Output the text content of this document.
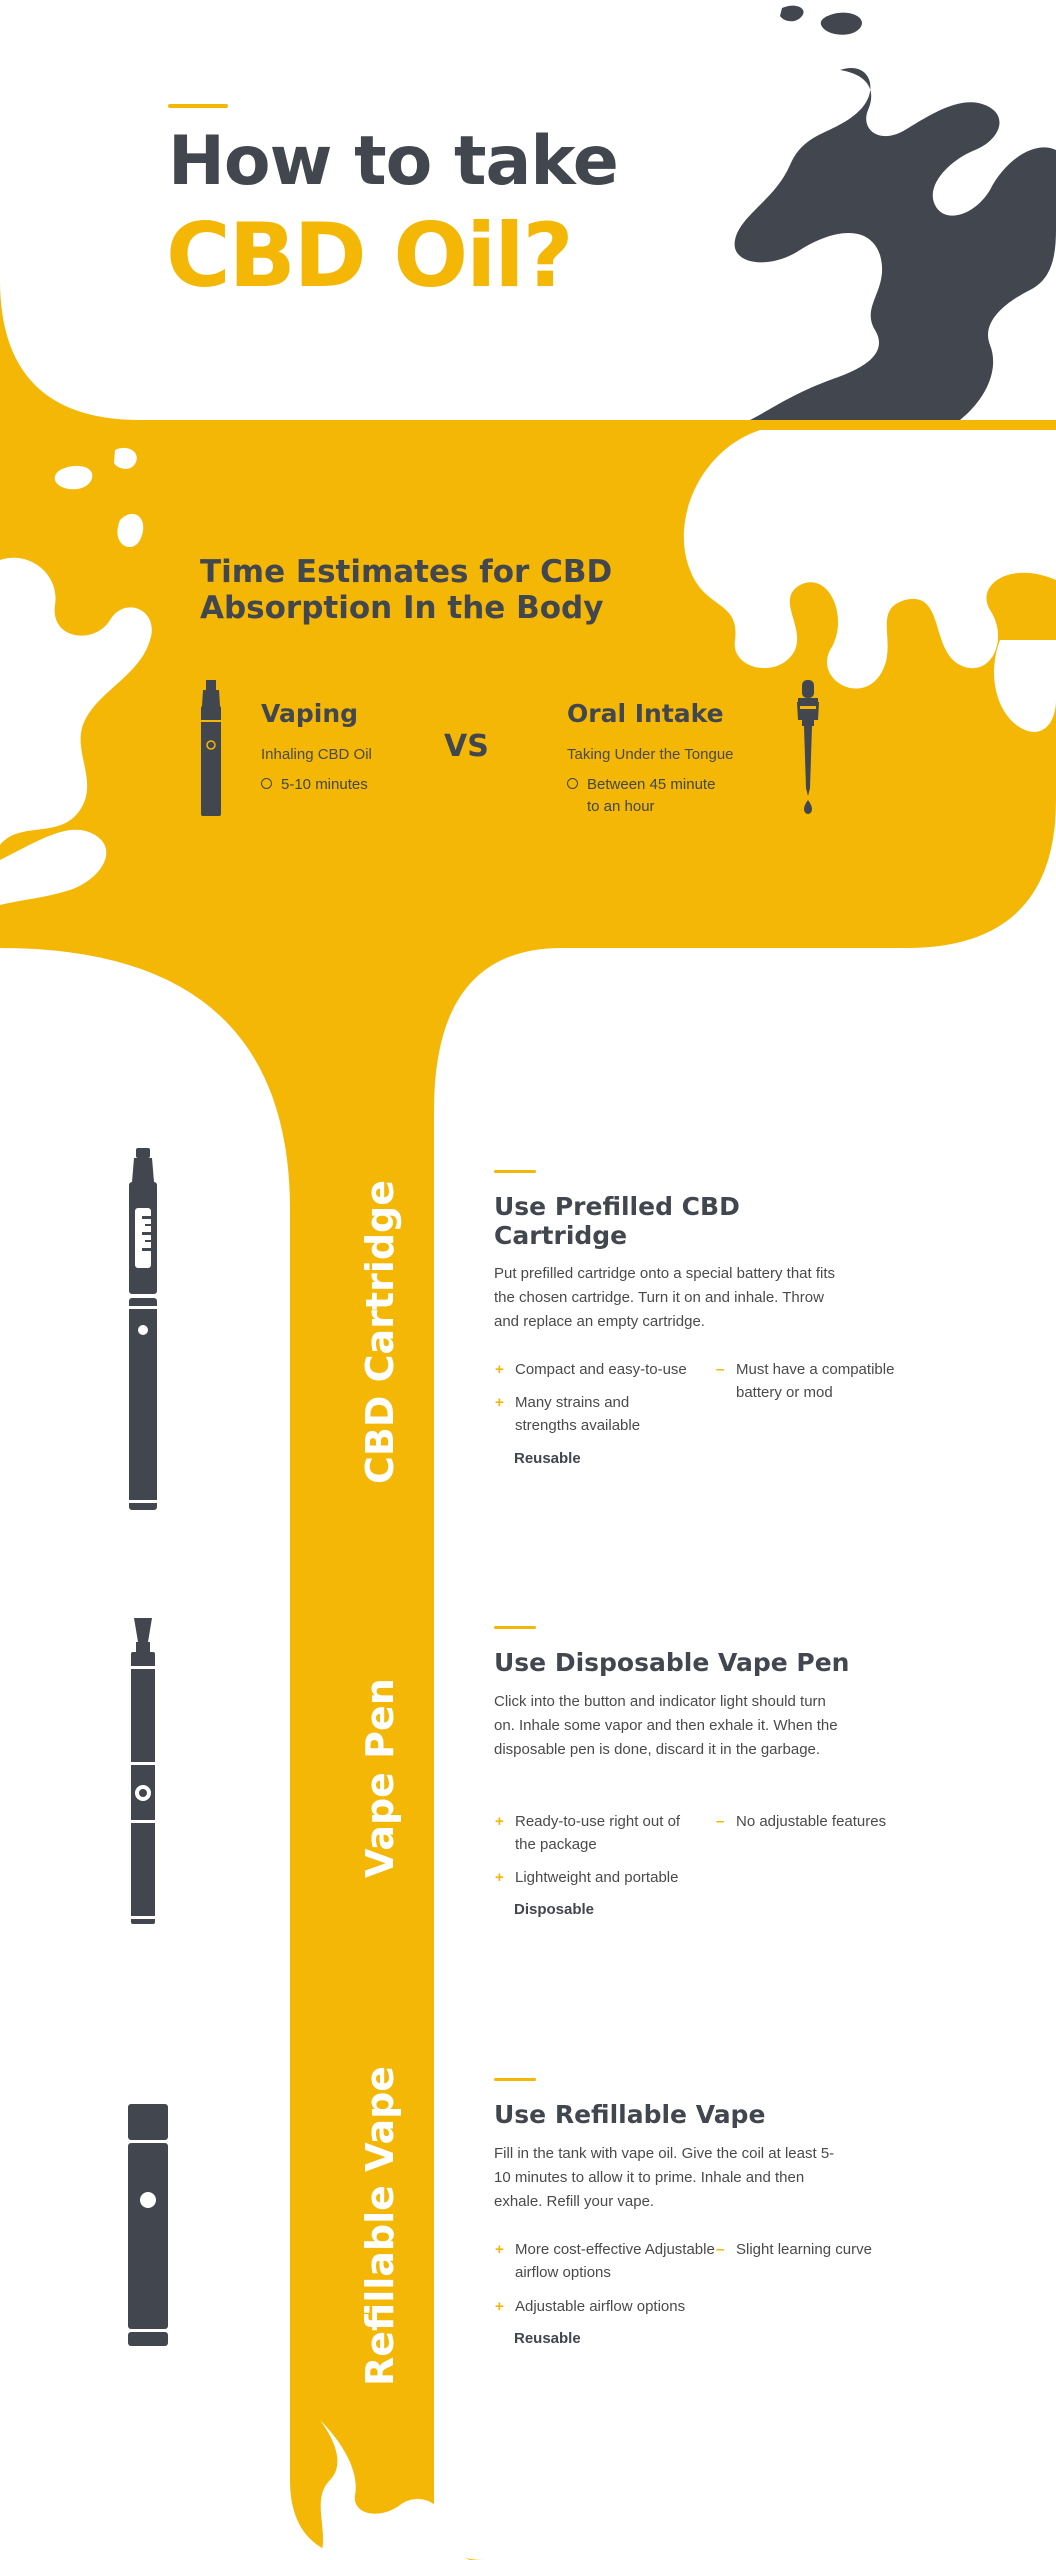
How to take
CBD Oil?
Time Estimates for CBD Absorption In the Body
Vaping
Inhaling CBD Oil
5-10 minutes
VS
Oral Intake
Taking Under the Tongue
Between 45 minute
to an hour
CBD Cartridge	Use Prefilled CBD Cartridge
Put prefilled cartridge onto a special battery that fits the chosen cartridge. Turn it on and inhale. Throw and replace an empty cartridge.
+ Compact and easy-to-use
+ Many strains and strengths available
Reusable
– Must have a compatible battery or mod
Vape Pen
Use Disposable Vape Pen
Click into the button and indicator light should turn on. Inhale some vapor and then exhale it. When the disposable pen is done, discard it in the garbage.
+ Ready-to-use right out of the package
+ Lightweight and portable
Disposable
– No adjustable features
Refillable Vape	Use Refillable Vape
Fill in the tank with vape oil. Give the coil at least 5-10 minutes to allow it to prime. Inhale and then exhale. Refill your vape.
+ More cost-effective Adjustable airflow options
+ Adjustable airflow options
Reusable
– Slight learning curve
